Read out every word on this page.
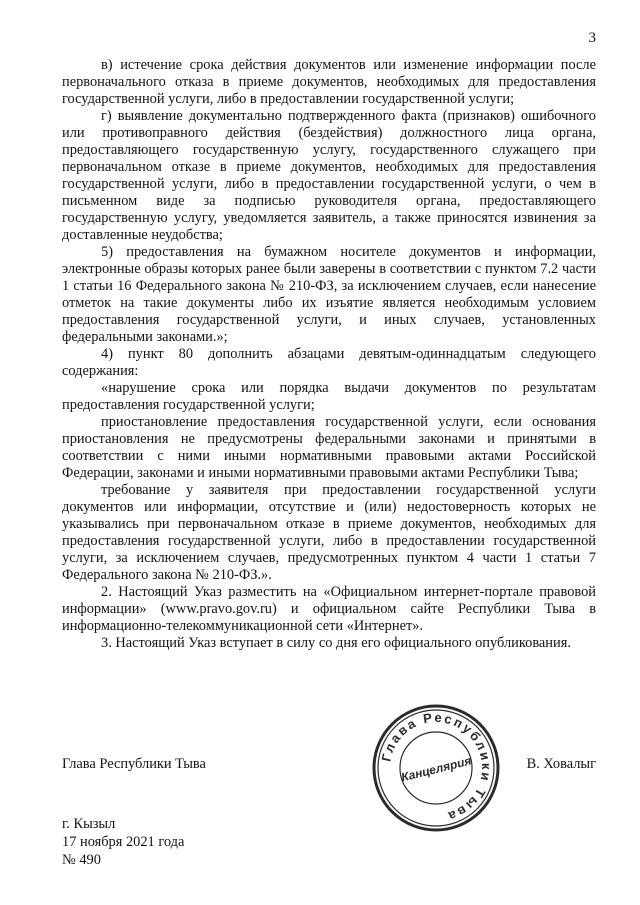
3

в) истечение срока действия документов или изменение информации после первоначального отказа в приеме документов, необходимых для предоставления государственной услуги, либо в предоставлении государственной услуги;

г) выявление документально подтвержденного факта (признаков) ошибочного или противоправного действия (бездействия) должностного лица органа, предоставляющего государственную услугу, государственного служащего при первоначальном отказе в приеме документов, необходимых для предоставления государственной услуги, либо в предоставлении государственной услуги, о чем в письменном виде за подписью руководителя органа, предоставляющего государственную услугу, уведомляется заявитель, а также приносятся извинения за доставленные неудобства;

5) предоставления на бумажном носителе документов и информации, электронные образы которых ранее были заверены в соответствии с пунктом 7.2 части 1 статьи 16 Федерального закона № 210-ФЗ, за исключением случаев, если нанесение отметок на такие документы либо их изъятие является необходимым условием предоставления государственной услуги, и иных случаев, установленных федеральными законами.»;

4) пункт 80 дополнить абзацами девятым-одиннадцатым следующего содержания:

«нарушение срока или порядка выдачи документов по результатам предоставления государственной услуги;

приостановление предоставления государственной услуги, если основания приостановления не предусмотрены федеральными законами и принятыми в соответствии с ними иными нормативными правовыми актами Российской Федерации, законами и иными нормативными правовыми актами Республики Тыва;

требование у заявителя при предоставлении государственной услуги документов или информации, отсутствие и (или) недостоверность которых не указывались при первоначальном отказе в приеме документов, необходимых для предоставления государственной услуги, либо в предоставлении государственной услуги, за исключением случаев, предусмотренных пунктом 4 части 1 статьи 7 Федерального закона № 210-ФЗ.».

2. Настоящий Указ разместить на «Официальном интернет-портале правовой информации» (www.pravo.gov.ru) и официальном сайте Республики Тыва в информационно-телекоммуникационной сети «Интернет».

3. Настоящий Указ вступает в силу со дня его официального опубликования.

Глава Республики Тыва	В. Ховалыг
Глава Республики Тыва
Канцелярия
г. Кызыл
17 ноября 2021 года
№ 490
